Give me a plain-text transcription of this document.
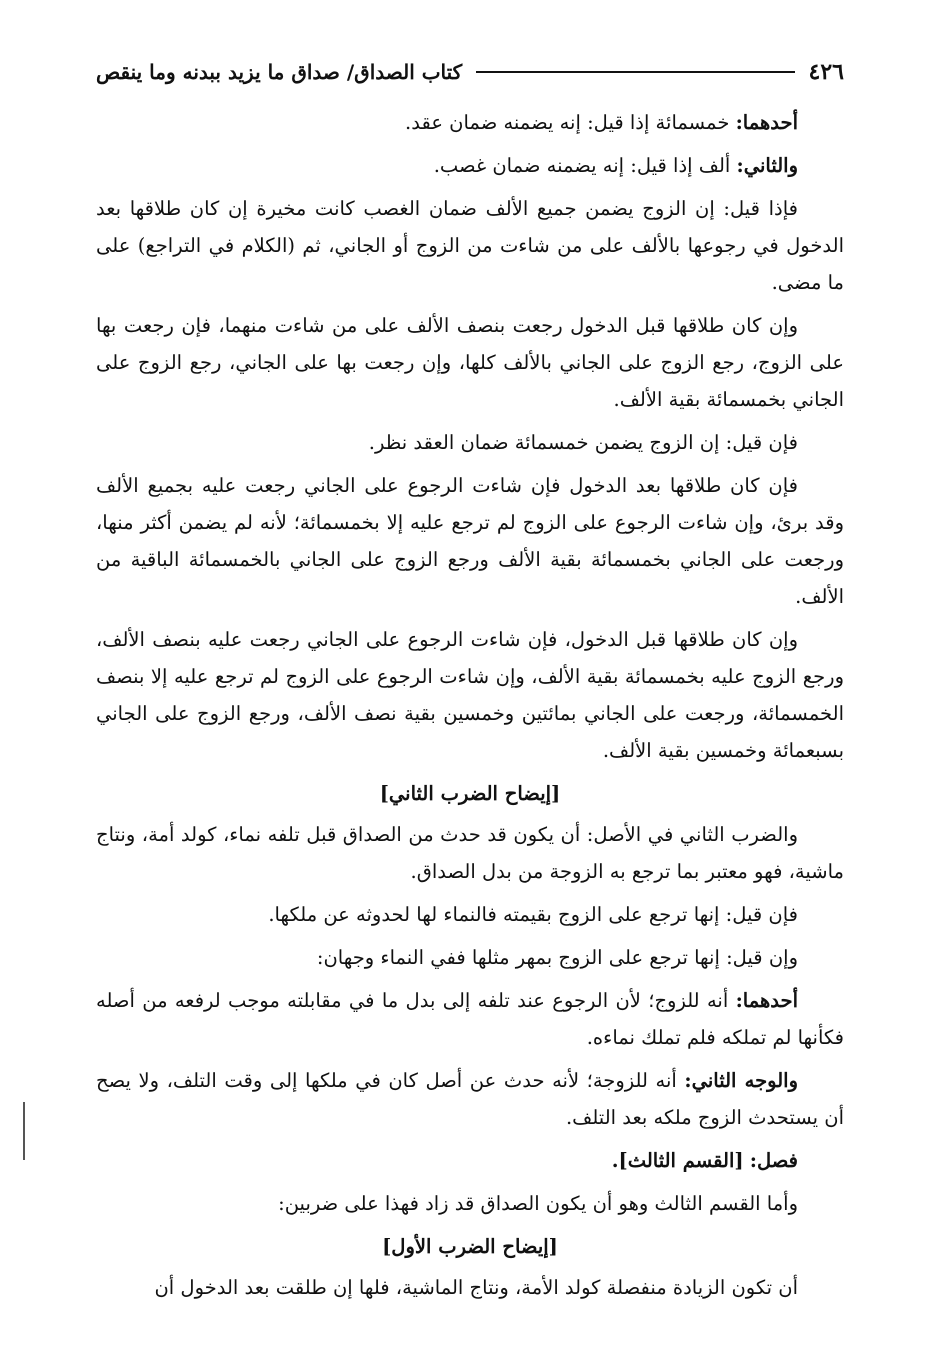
٤٢٦
كتاب الصداق/ صداق ما يزيد ببدنه وما ينقص

أحدهما: خمسمائة إذا قيل: إنه يضمنه ضمان عقد.

والثاني: ألف إذا قيل: إنه يضمنه ضمان غصب.

فإذا قيل: إن الزوج يضمن جميع الألف ضمان الغصب كانت مخيرة إن كان طلاقها بعد الدخول في رجوعها بالألف على من شاءت من الزوج أو الجاني، ثم (الكلام في التراجع) على ما مضى.

وإن كان طلاقها قبل الدخول رجعت بنصف الألف على من شاءت منهما، فإن رجعت بها على الزوج، رجع الزوج على الجاني بالألف كلها، وإن رجعت بها على الجاني، رجع الزوج على الجاني بخمسمائة بقية الألف.

فإن قيل: إن الزوج يضمن خمسمائة ضمان العقد نظر.

فإن كان طلاقها بعد الدخول فإن شاءت الرجوع على الجاني رجعت عليه بجميع الألف وقد برئ، وإن شاءت الرجوع على الزوج لم ترجع عليه إلا بخمسمائة؛ لأنه لم يضمن أكثر منها، ورجعت على الجاني بخمسمائة بقية الألف ورجع الزوج على الجاني بالخمسمائة الباقية من الألف.

وإن كان طلاقها قبل الدخول، فإن شاءت الرجوع على الجاني رجعت عليه بنصف الألف، ورجع الزوج عليه بخمسمائة بقية الألف، وإن شاءت الرجوع على الزوج لم ترجع عليه إلا بنصف الخمسمائة، ورجعت على الجاني بمائتين وخمسين بقية نصف الألف، ورجع الزوج على الجاني بسبعمائة وخمسين بقية الألف.

[إيضاح الضرب الثاني]

والضرب الثاني في الأصل: أن يكون قد حدث من الصداق قبل تلفه نماء، كولد أمة، ونتاج ماشية، فهو معتبر بما ترجع به الزوجة من بدل الصداق.

فإن قيل: إنها ترجع على الزوج بقيمته فالنماء لها لحدوثه عن ملكها.

وإن قيل: إنها ترجع على الزوج بمهر مثلها ففي النماء وجهان:

أحدهما: أنه للزوج؛ لأن الرجوع عند تلفه إلى بدل ما في مقابلته موجب لرفعه من أصله فكأنها لم تملكه فلم تملك نماءه.

والوجه الثاني: أنه للزوجة؛ لأنه حدث عن أصل كان في ملكها إلى وقت التلف، ولا يصح أن يستحدث الزوج ملكه بعد التلف.

فصل: [القسم الثالث].

وأما القسم الثالث وهو أن يكون الصداق قد زاد فهذا على ضربين:

[إيضاح الضرب الأول]

أن تكون الزيادة منفصلة كولد الأمة، ونتاج الماشية، فلها إن طلقت بعد الدخول أن
